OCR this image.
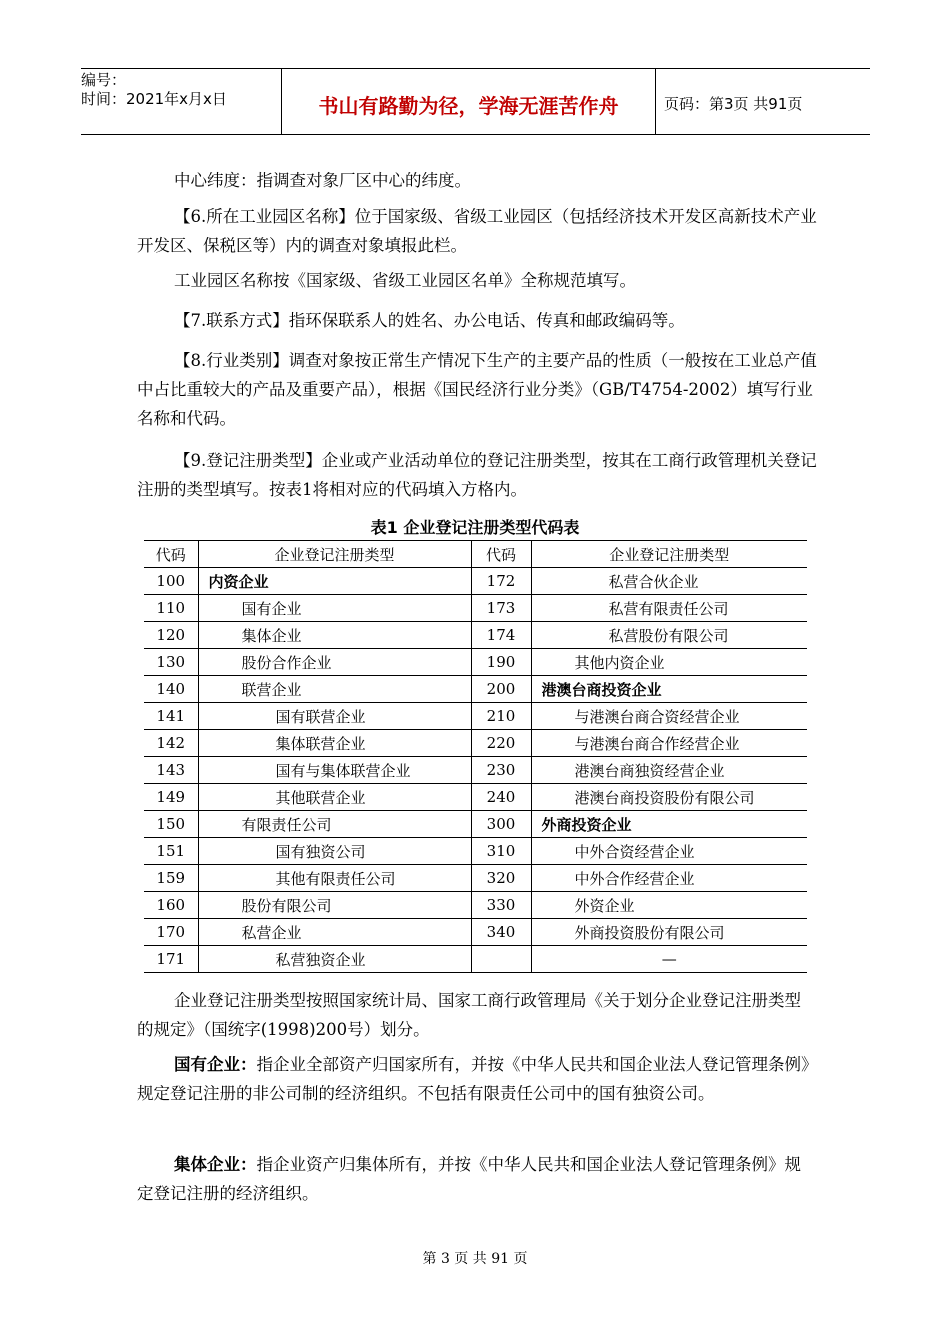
编号：
时间：2021年x月x日	书山有路勤为径，学海无涯苦作舟	页码：第3页 共91页

中心纬度：指调查对象厂区中心的纬度。

【6.所在工业园区名称】位于国家级、省级工业园区（包括经济技术开发区高新技术产业开发区、保税区等）内的调查对象填报此栏。

工业园区名称按《国家级、省级工业园区名单》全称规范填写。

【7.联系方式】指环保联系人的姓名、办公电话、传真和邮政编码等。

【8.行业类别】调查对象按正常生产情况下生产的主要产品的性质（一般按在工业总产值中占比重较大的产品及重要产品），根据《国民经济行业分类》（GB/T4754-2002）填写行业名称和代码。

【9.登记注册类型】企业或产业活动单位的登记注册类型，按其在工商行政管理机关登记注册的类型填写。按表1将相对应的代码填入方格内。

表1 企业登记注册类型代码表
代码	企业登记注册类型	代码	企业登记注册类型
100	内资企业	172	私营合伙企业
110	国有企业	173	私营有限责任公司
120	集体企业	174	私营股份有限公司
130	股份合作企业	190	其他内资企业
140	联营企业	200	港澳台商投资企业
141	国有联营企业	210	与港澳台商合资经营企业
142	集体联营企业	220	与港澳台商合作经营企业
143	国有与集体联营企业	230	港澳台商独资经营企业
149	其他联营企业	240	港澳台商投资股份有限公司
150	有限责任公司	300	外商投资企业
151	国有独资公司	310	中外合资经营企业
159	其他有限责任公司	320	中外合作经营企业
160	股份有限公司	330	外资企业
170	私营企业	340	外商投资股份有限公司
171	私营独资企业		—

企业登记注册类型按照国家统计局、国家工商行政管理局《关于划分企业登记注册类型的规定》（国统字(1998)200号）划分。

国有企业：指企业全部资产归国家所有，并按《中华人民共和国企业法人登记管理条例》规定登记注册的非公司制的经济组织。不包括有限责任公司中的国有独资公司。

集体企业：指企业资产归集体所有，并按《中华人民共和国企业法人登记管理条例》规定登记注册的经济组织。

第 3 页 共 91 页
